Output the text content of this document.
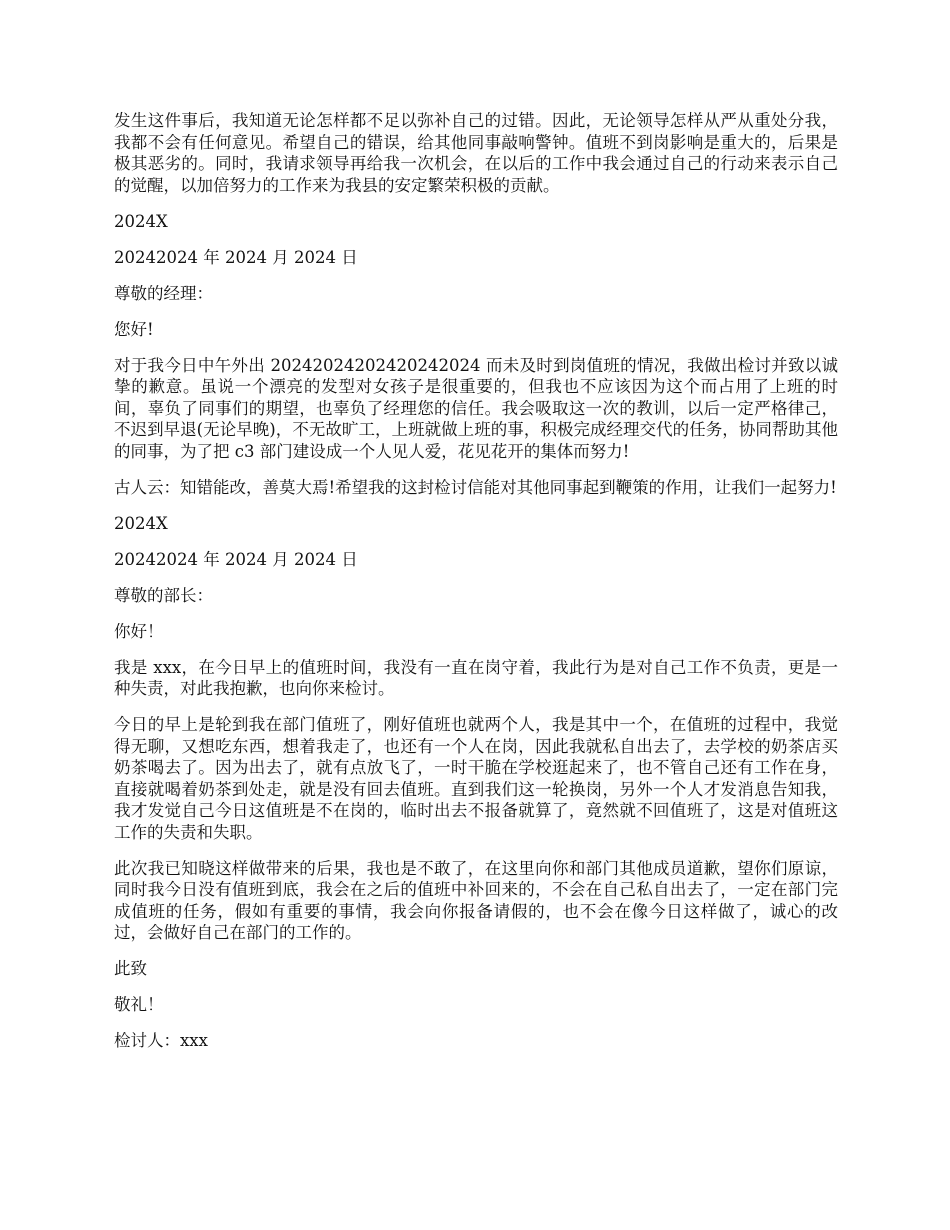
发生这件事后，我知道无论怎样都不足以弥补自己的过错。因此，无论领导怎样从严从重处分我，我都不会有任何意见。希望自己的错误，给其他同事敲响警钟。值班不到岗影响是重大的，后果是极其恶劣的。同时，我请求领导再给我一次机会，在以后的工作中我会通过自己的行动来表示自己的觉醒，以加倍努力的工作来为我县的安定繁荣积极的贡献。

2024X

20242024 年 2024 月 2024 日

尊敬的经理：

您好!

对于我今日中午外出 20242024202420242024 而未及时到岗值班的情况，我做出检讨并致以诚挚的歉意。虽说一个漂亮的发型对女孩子是很重要的，但我也不应该因为这个而占用了上班的时间，辜负了同事们的期望，也辜负了经理您的信任。我会吸取这一次的教训，以后一定严格律己，不迟到早退(无论早晚)，不无故旷工，上班就做上班的事，积极完成经理交代的任务，协同帮助其他的同事，为了把 c3 部门建设成一个人见人爱，花见花开的集体而努力!

古人云：知错能改，善莫大焉!希望我的这封检讨信能对其他同事起到鞭策的作用，让我们一起努力!

2024X

20242024 年 2024 月 2024 日

尊敬的部长：

你好！

我是 xxx，在今日早上的值班时间，我没有一直在岗守着，我此行为是对自己工作不负责，更是一种失责，对此我抱歉，也向你来检讨。

今日的早上是轮到我在部门值班了，刚好值班也就两个人，我是其中一个，在值班的过程中，我觉得无聊，又想吃东西，想着我走了，也还有一个人在岗，因此我就私自出去了，去学校的奶茶店买奶茶喝去了。因为出去了，就有点放飞了，一时干脆在学校逛起来了，也不管自己还有工作在身，直接就喝着奶茶到处走，就是没有回去值班。直到我们这一轮换岗，另外一个人才发消息告知我，我才发觉自己今日这值班是不在岗的，临时出去不报备就算了，竟然就不回值班了，这是对值班这工作的失责和失职。

此次我已知晓这样做带来的后果，我也是不敢了，在这里向你和部门其他成员道歉，望你们原谅，同时我今日没有值班到底，我会在之后的值班中补回来的，不会在自己私自出去了，一定在部门完成值班的任务，假如有重要的事情，我会向你报备请假的，也不会在像今日这样做了，诚心的改过，会做好自己在部门的工作的。

此致

敬礼！

检讨人：xxx
